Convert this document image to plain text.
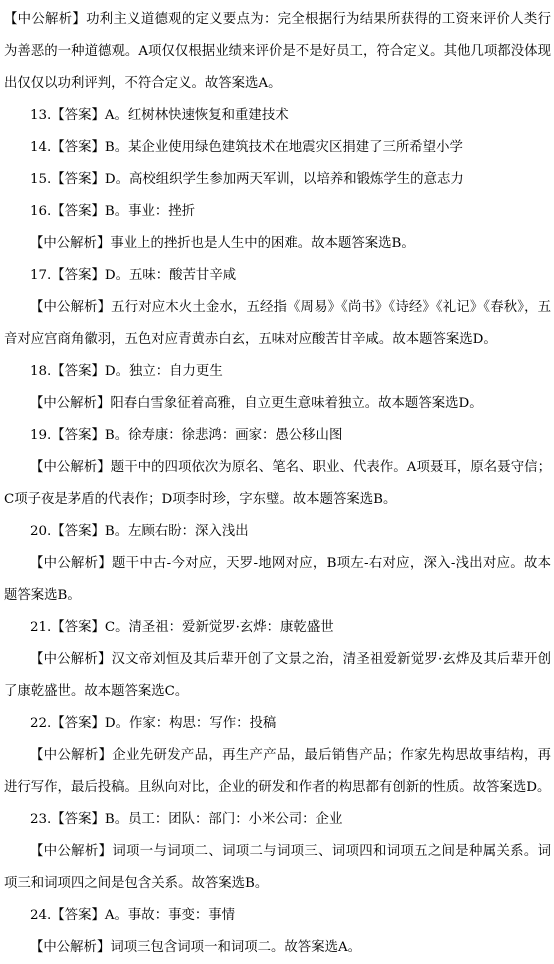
【中公解析】功利主义道德观的定义要点为：完全根据行为结果所获得的工资来评价人类行为善恶的一种道德观。A项仅仅根据业绩来评价是不是好员工，符合定义。其他几项都没体现出仅仅以功利评判，不符合定义。故答案选A。

13.【答案】A。红树林快速恢复和重建技术

14.【答案】B。某企业使用绿色建筑技术在地震灾区捐建了三所希望小学

15.【答案】D。高校组织学生参加两天军训，以培养和锻炼学生的意志力

16.【答案】B。事业：挫折

【中公解析】事业上的挫折也是人生中的困难。故本题答案选B。

17.【答案】D。五味：酸苦甘辛咸

【中公解析】五行对应木火土金水，五经指《周易》《尚书》《诗经》《礼记》《春秋》，五音对应宫商角徽羽，五色对应青黄赤白玄，五味对应酸苦甘辛咸。故本题答案选D。

18.【答案】D。独立：自力更生

【中公解析】阳春白雪象征着高雅，自立更生意味着独立。故本题答案选D。

19.【答案】B。徐寿康：徐悲鸿：画家：愚公移山图

【中公解析】题干中的四项依次为原名、笔名、职业、代表作。A项聂耳，原名聂守信；C项子夜是茅盾的代表作；D项李时珍，字东璧。故本题答案选B。

20.【答案】B。左顾右盼：深入浅出

【中公解析】题干中古-今对应，天罗-地网对应，B项左-右对应，深入-浅出对应。故本题答案选B。

21.【答案】C。清圣祖：爱新觉罗·玄烨：康乾盛世

【中公解析】汉文帝刘恒及其后辈开创了文景之治，清圣祖爱新觉罗·玄烨及其后辈开创了康乾盛世。故本题答案选C。

22.【答案】D。作家：构思：写作：投稿

【中公解析】企业先研发产品，再生产产品，最后销售产品；作家先构思故事结构，再进行写作，最后投稿。且纵向对比，企业的研发和作者的构思都有创新的性质。故答案选D。

23.【答案】B。员工：团队：部门：小米公司：企业

【中公解析】词项一与词项二、词项二与词项三、词项四和词项五之间是种属关系。词项三和词项四之间是包含关系。故答案选B。

24.【答案】A。事故：事变：事情

【中公解析】词项三包含词项一和词项二。故答案选A。
